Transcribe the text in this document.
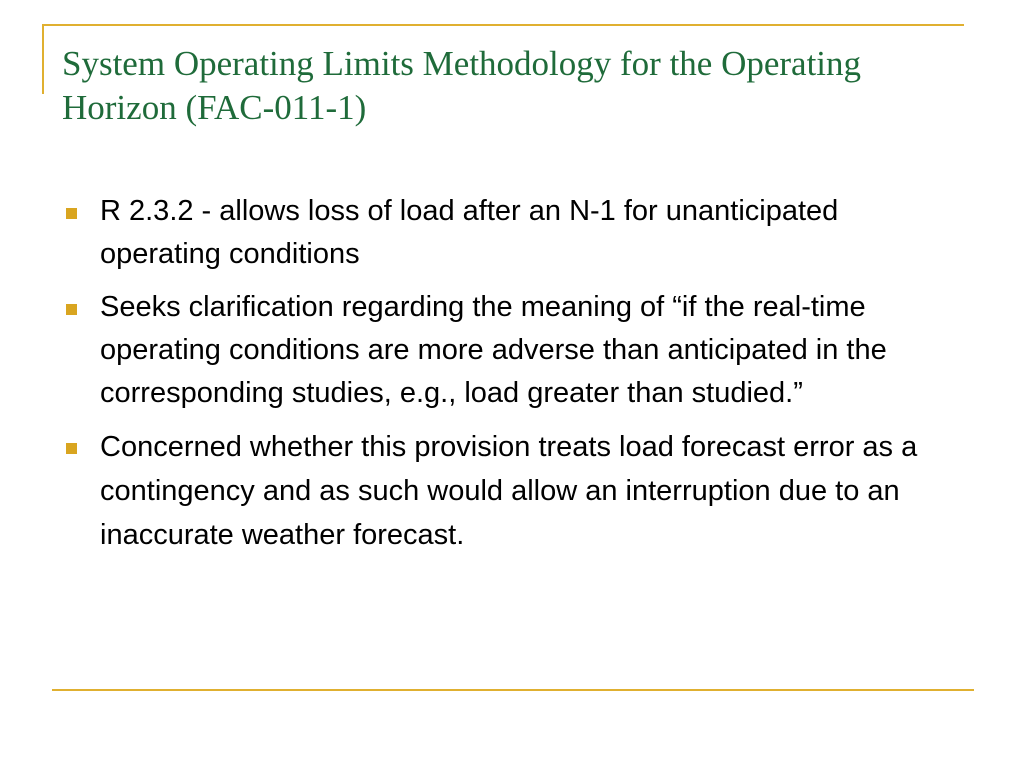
System Operating Limits Methodology for the Operating Horizon (FAC-011-1)
R 2.3.2 - allows loss of load after an N-1 for unanticipated operating conditions
Seeks clarification regarding the meaning of “if the real-time operating conditions are more adverse than anticipated in the corresponding studies, e.g., load greater than studied.”
Concerned whether this provision treats load forecast error as a contingency and as such would allow an interruption due to an inaccurate weather forecast.
